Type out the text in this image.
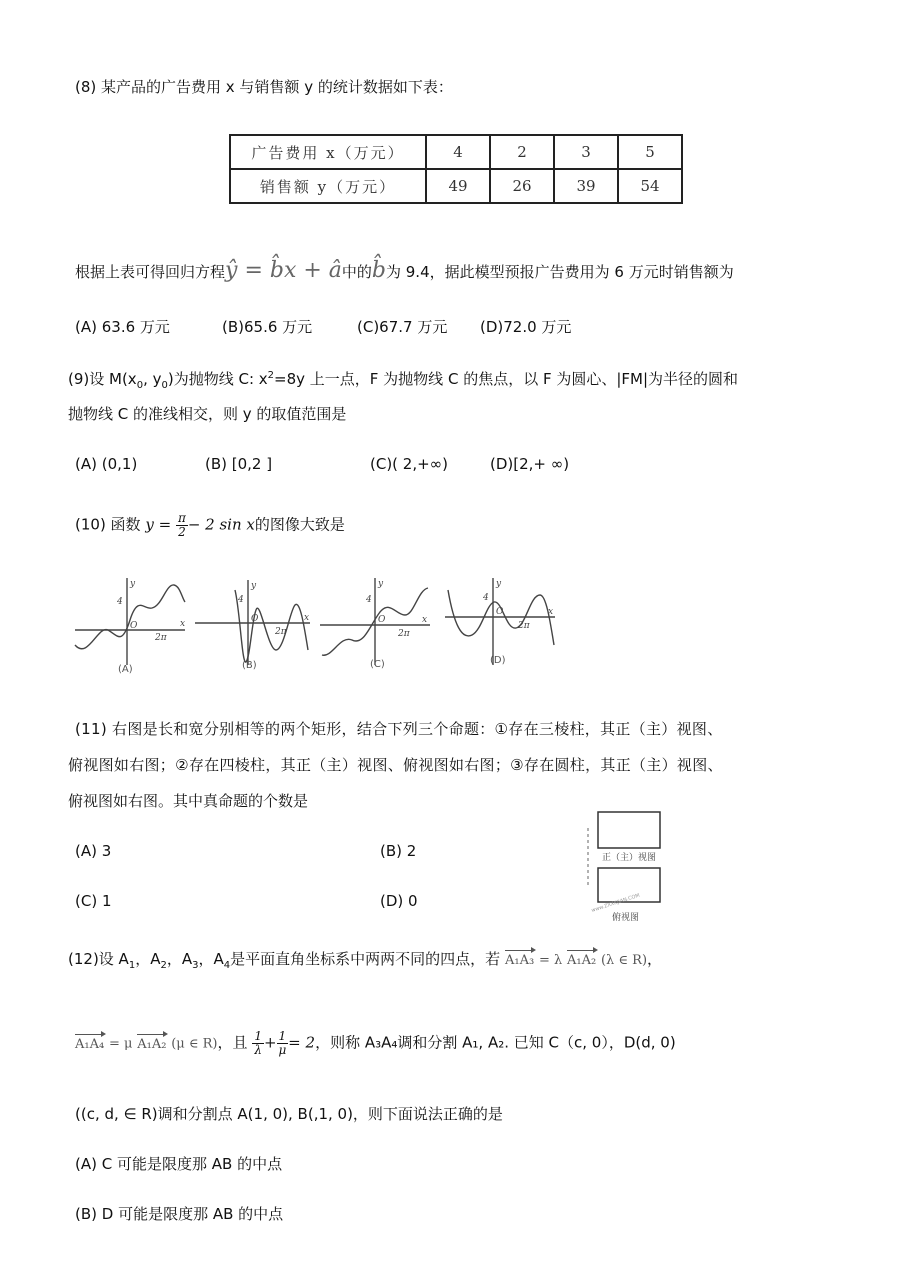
(8) 某产品的广告费用 x 与销售额 y 的统计数据如下表：
广告费用 x（万元）	4	2	3	5
销售额 y（万元）	49	26	39	54
根据上表可得回归方程ŷ = b̂x + â中的b̂为 9.4，据此模型预报广告费用为 6 万元时销售额为
(A) 63.6 万元	(B)65.6 万元	(C)67.7 万元 (D)72.0 万元
(9)设 $M(x_0$, $y_0$)为抛物线 C: $x^2=8y$ 上一点，F 为抛物线 C 的焦点，以 F 为圆心、|FM|为半径的圆和
抛物线 C 的准线相交，则 y 的取值范围是
(A) (0,1)	(B) [0,2 ]	(C)( 2,+∞)	(D)[2,+ ∞)
(10) 函数 $y = \frac{\pi}{2} - 2$ sin x的图像大致是
y
x
4
O
2π
y
x
4
O
2π
y
x
4
O
2π
y
x
4
O
2π
(A)	(B)	(C)	(D)
(11) 右图是长和宽分别相等的两个矩形，结合下列三个命题：①存在三棱柱，其正（主）视图、
俯视图如右图；②存在四棱柱，其正（主）视图、俯视图如右图；③存在圆柱，其正（主）视图、
俯视图如右图。其中真命题的个数是
(A) 3	(B) 2
(C) 1	(D) 0
正（主）视图
www.ZXXKJIAN.COM
俯视图
(12)设 $A_1$，$A_2$，$A_3$，$A_4$是平面直角坐标系中两两不同的四点，若 A₁A₃ = λ A₁A₂ (λ ∈ R)，
A₁A₄ = μ A₁A₂ (μ ∈ R)，且 $\frac{1}{\lambda} + \frac{1}{\mu} = 2$，则称 A₃A₄调和分割 A₁, A₂. 已知 C（c, 0），D(d, 0)
((c, d, ∈ R)调和分割点 A(1, 0), B(,1, 0)，则下面说法正确的是
(A) C 可能是限度那 AB 的中点
(B) D 可能是限度那 AB 的中点
